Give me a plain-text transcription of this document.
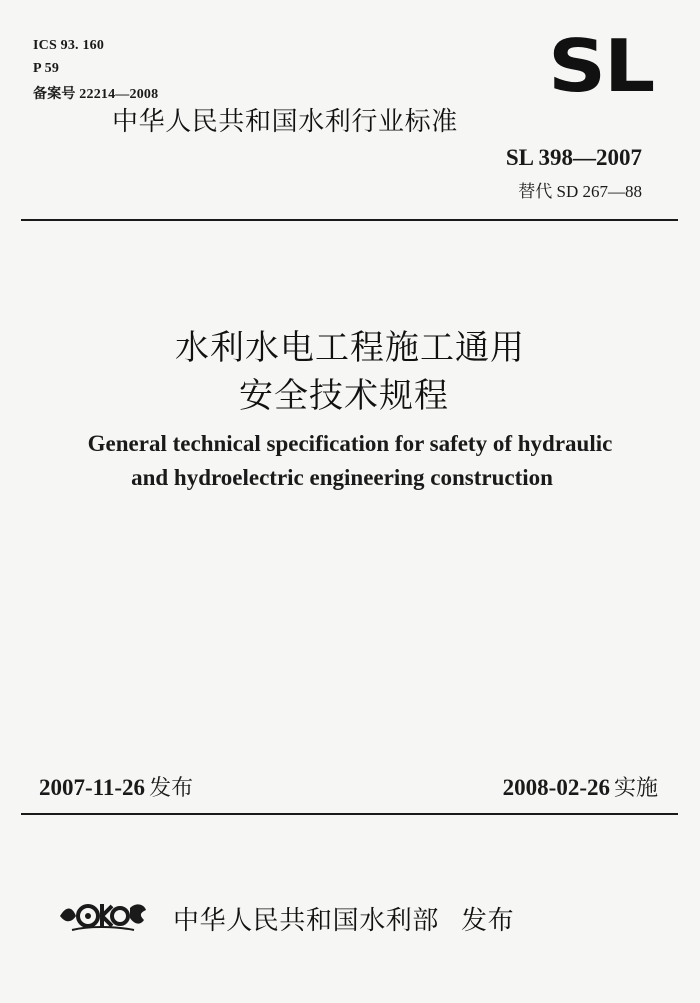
ICS 93. 160
P 59
备案号 22214—2008	SL
中华人民共和国水利行业标准
SL 398—2007
替代 SD 267—88
水利水电工程施工通用
安全技术规程
General technical specification for safety of hydraulic
and hydroelectric engineering construction
2007-11-26 发布	2008-02-26 实施
中华人民共和国水利部 发布
